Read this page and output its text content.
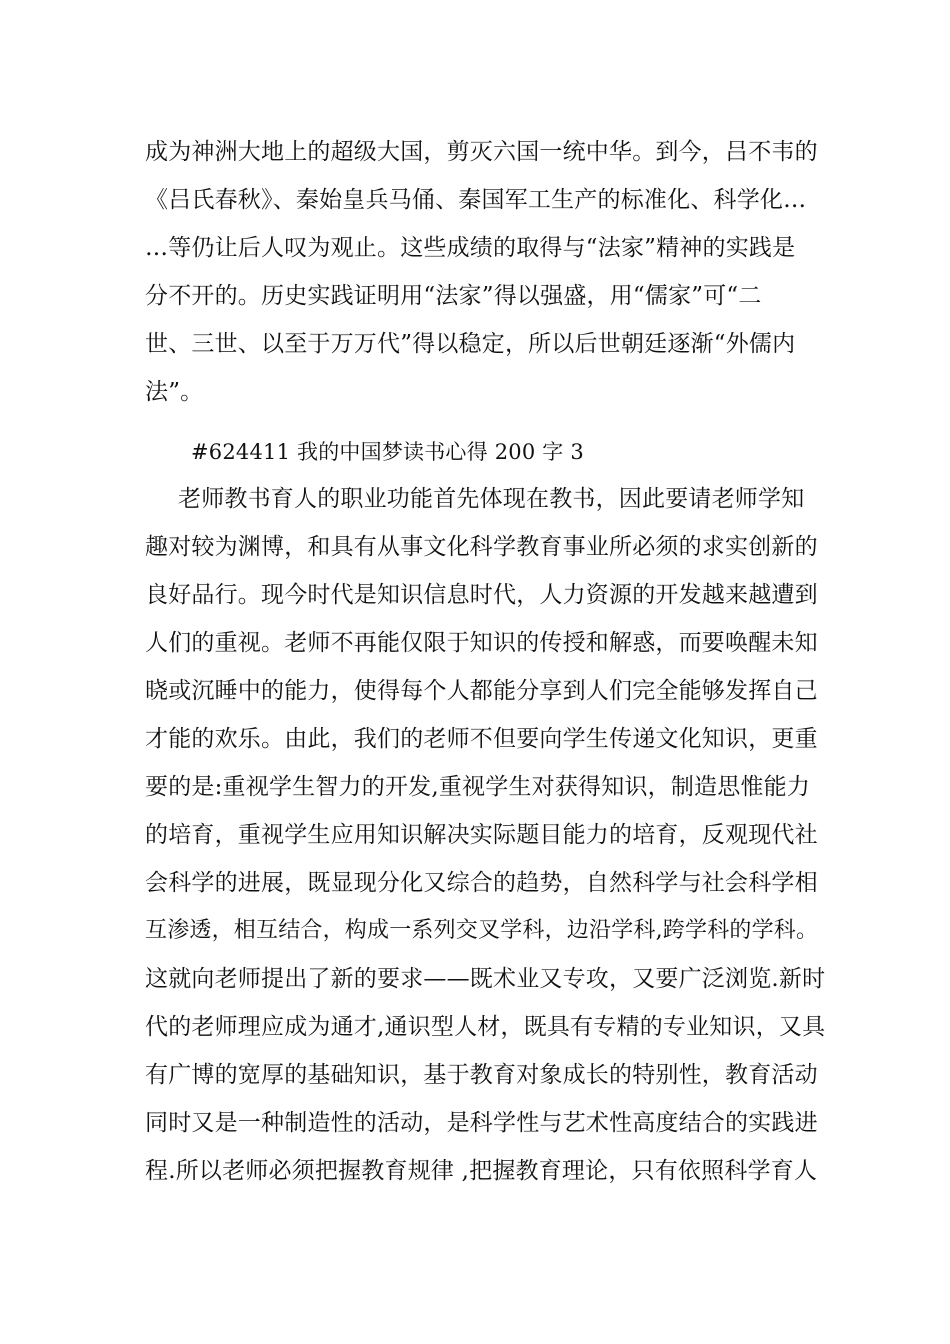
成为神洲大地上的超级大国，剪灭六国一统中华。到今，吕不韦的
《吕氏春秋》、秦始皇兵马俑、秦国军工生产的标准化、科学化…
…等仍让后人叹为观止。这些成绩的取得与“法家”精神的实践是
分不开的。历史实践证明用“法家”得以强盛，用“儒家”可“二
世、三世、以至于万万代”得以稳定，所以后世朝廷逐渐“外儒内
法”。
#624411 我的中国梦读书心得 200 字 3
老师教书育人的职业功能首先体现在教书，因此要请老师学知
趣对较为渊博，和具有从事文化科学教育事业所必须的求实创新的
良好品行。现今时代是知识信息时代，人力资源的开发越来越遭到
人们的重视。老师不再能仅限于知识的传授和解惑，而要唤醒未知
晓或沉睡中的能力，使得每个人都能分享到人们完全能够发挥自己
才能的欢乐。由此，我们的老师不但要向学生传递文化知识，更重
要的是:重视学生智力的开发,重视学生对获得知识，制造思惟能力
的培育，重视学生应用知识解决实际题目能力的培育，反观现代社
会科学的进展，既显现分化又综合的趋势，自然科学与社会科学相
互渗透，相互结合，构成一系列交叉学科，边沿学科,跨学科的学科。
这就向老师提出了新的要求——既术业又专攻，又要广泛浏览.新时
代的老师理应成为通才,通识型人材，既具有专精的专业知识，又具
有广博的宽厚的基础知识，基于教育对象成长的特别性，教育活动
同时又是一种制造性的活动，是科学性与艺术性高度结合的实践进
程.所以老师必须把握教育规律 ,把握教育理论，只有依照科学育人
